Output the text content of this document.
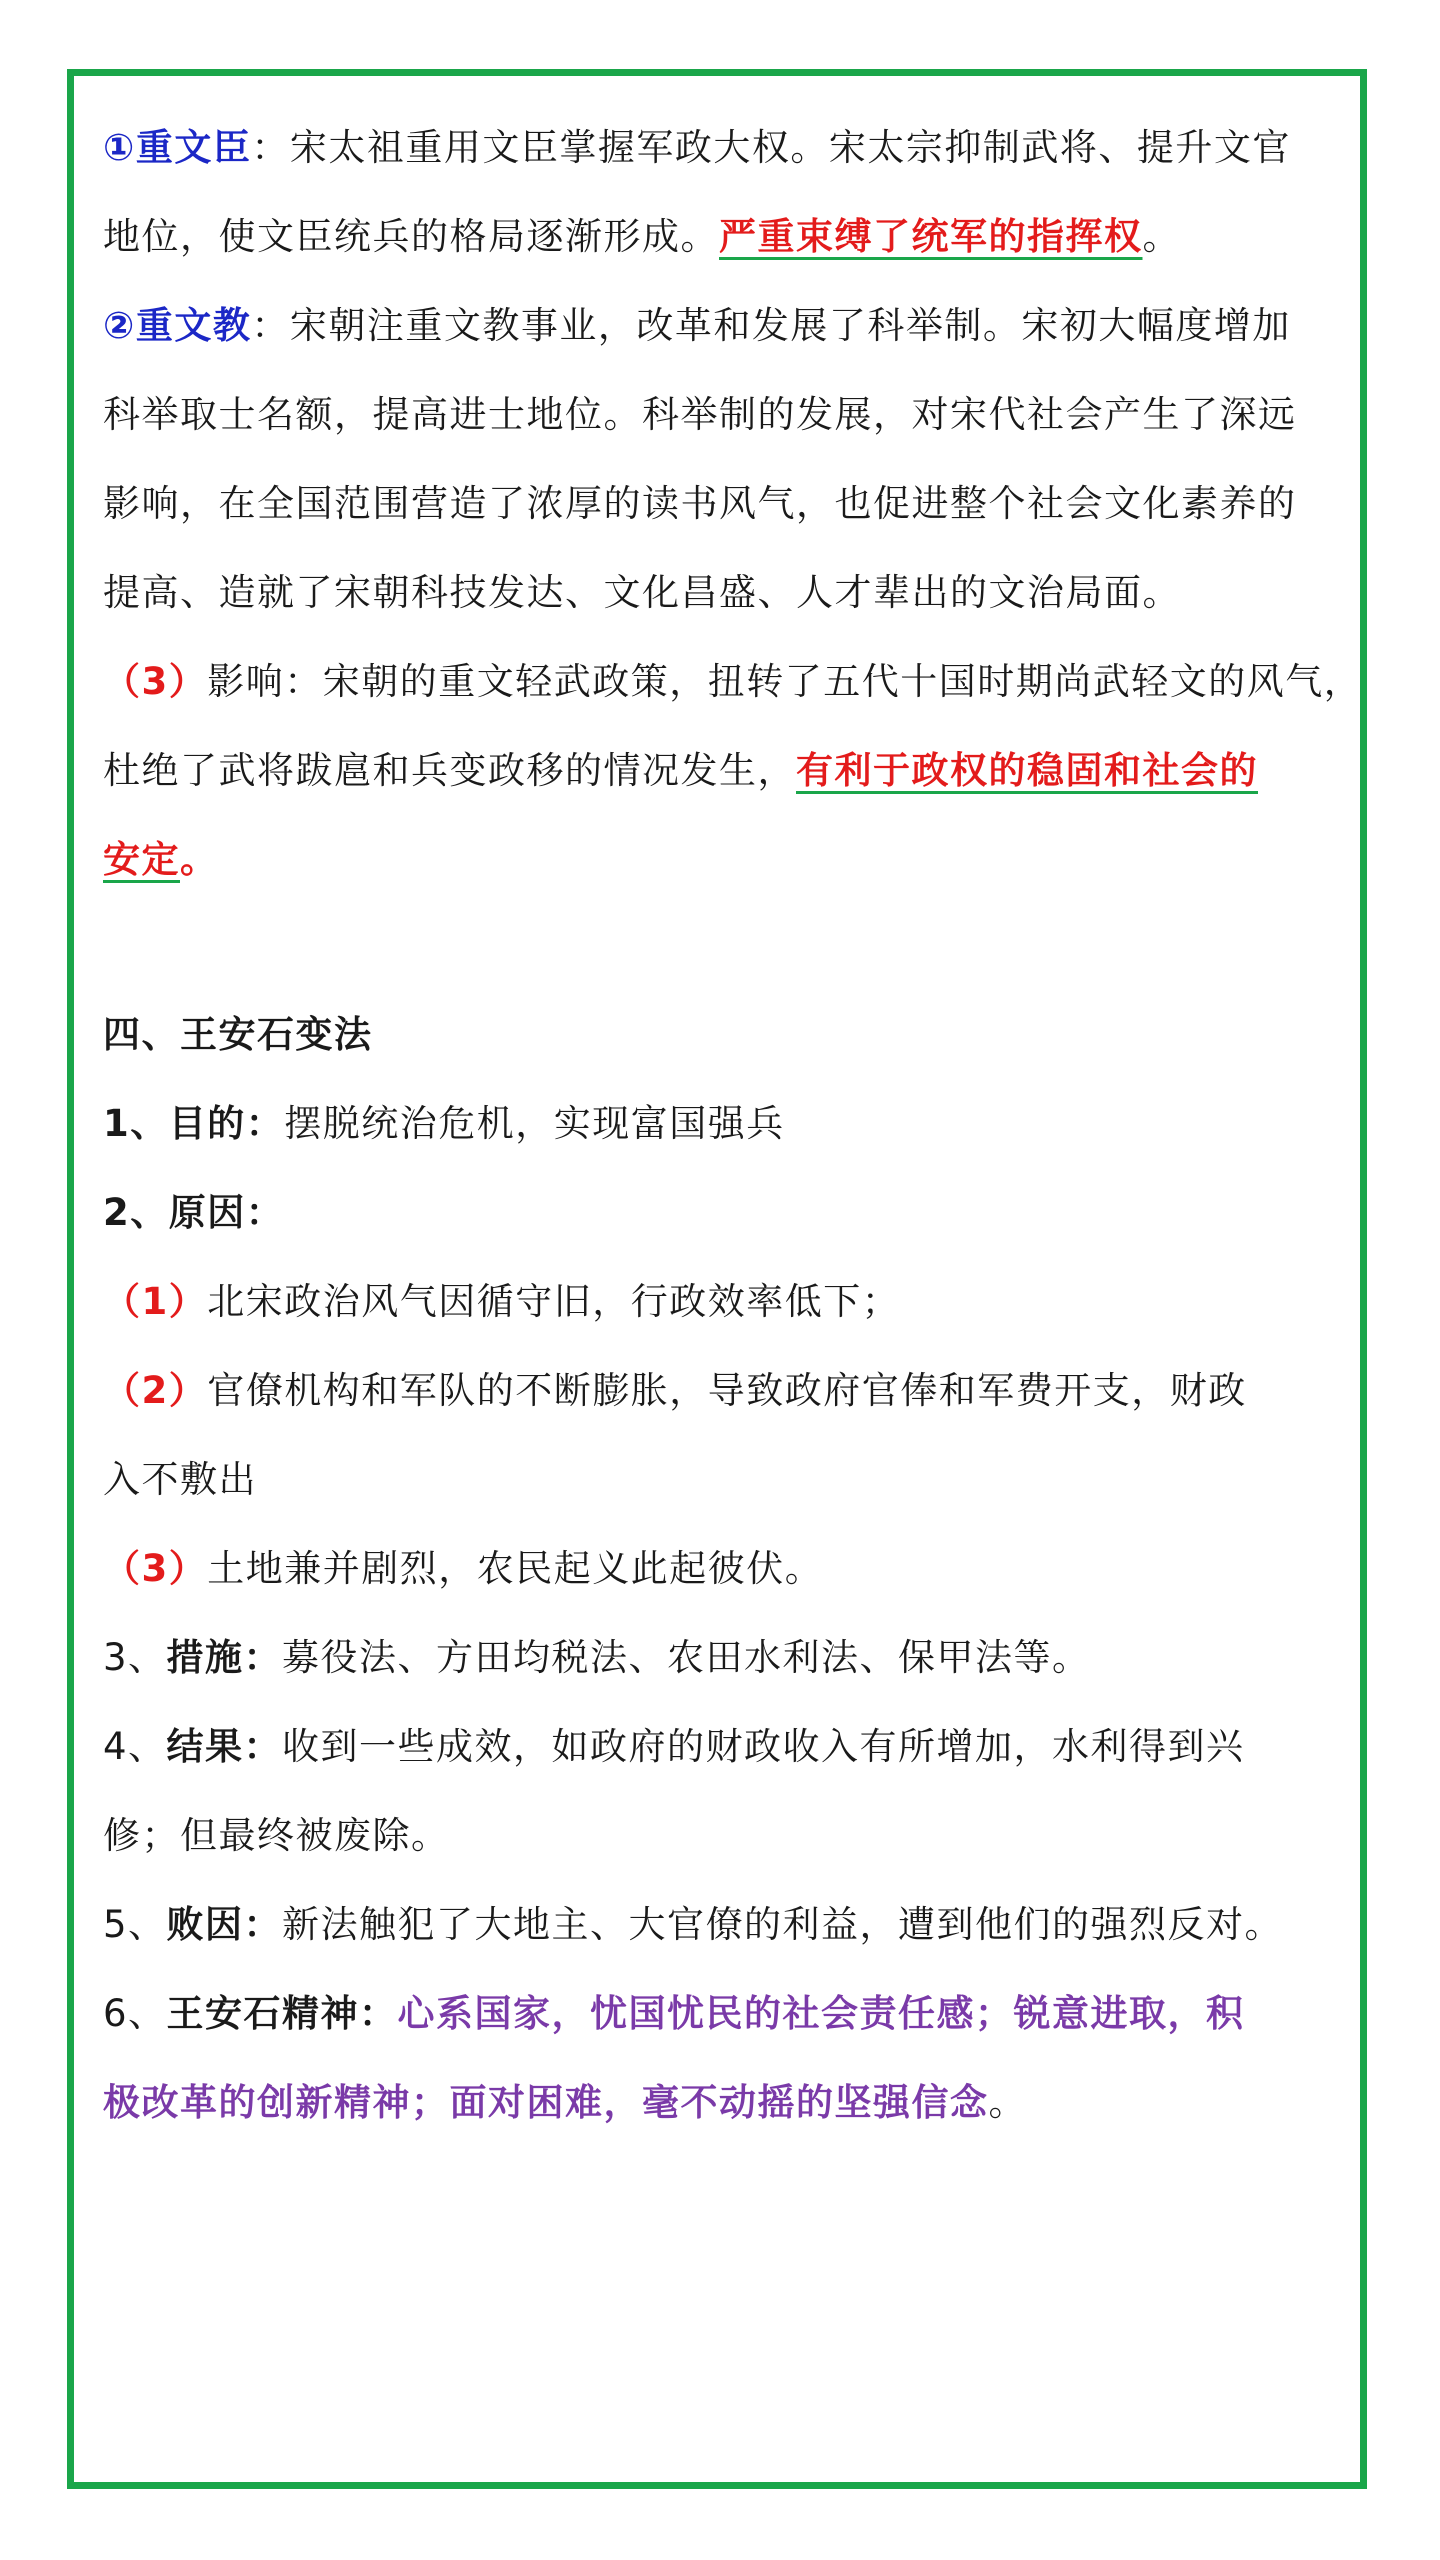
①重文臣：宋太祖重用文臣掌握军政大权。宋太宗抑制武将、提升文官
地位，使文臣统兵的格局逐渐形成。严重束缚了统军的指挥权。
②重文教：宋朝注重文教事业，改革和发展了科举制。宋初大幅度增加
科举取士名额，提高进士地位。科举制的发展，对宋代社会产生了深远
影响，在全国范围营造了浓厚的读书风气，也促进整个社会文化素养的
提高、造就了宋朝科技发达、文化昌盛、人才辈出的文治局面。
（3）影响：宋朝的重文轻武政策，扭转了五代十国时期尚武轻文的风气，
杜绝了武将跋扈和兵变政移的情况发生，有利于政权的稳固和社会的
安定。
四、王安石变法
1、目的：摆脱统治危机，实现富国强兵
2、原因：
（1）北宋政治风气因循守旧，行政效率低下；
（2）官僚机构和军队的不断膨胀，导致政府官俸和军费开支，财政
入不敷出
（3）土地兼并剧烈，农民起义此起彼伏。
3、措施：募役法、方田均税法、农田水利法、保甲法等。
4、结果：收到一些成效，如政府的财政收入有所增加，水利得到兴
修；但最终被废除。
5、败因：新法触犯了大地主、大官僚的利益，遭到他们的强烈反对。
6、王安石精神：心系国家，忧国忧民的社会责任感；锐意进取，积
极改革的创新精神；面对困难，毫不动摇的坚强信念。
